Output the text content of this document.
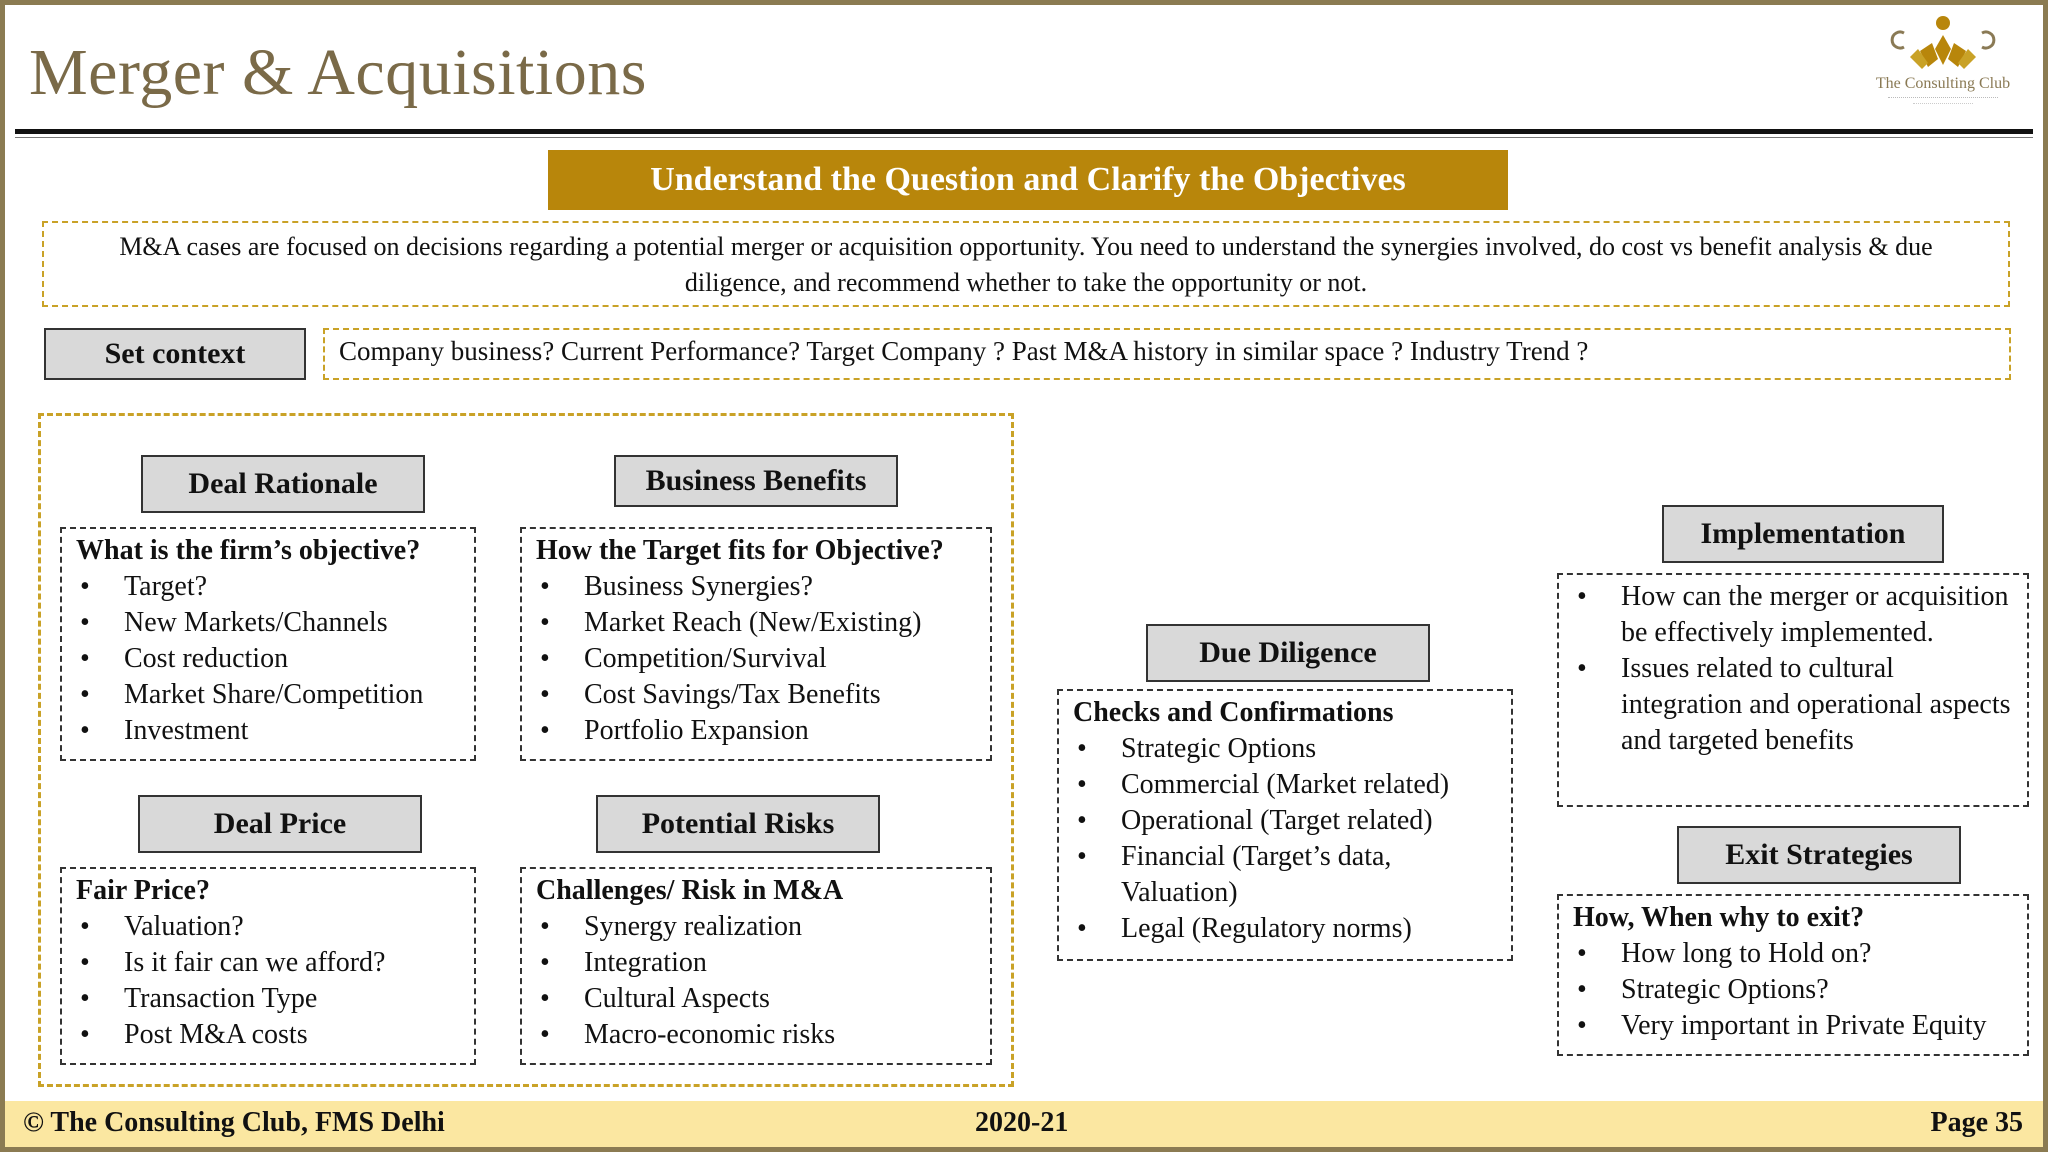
Merger & Acquisitions	The Consulting Club
Understand the Question and Clarify the Objectives
M&A cases are focused on decisions regarding a potential merger or acquisition opportunity. You need to understand the synergies involved, do cost vs benefit analysis & due diligence, and recommend whether to take the opportunity or not.
Set context	Company business? Current Performance? Target Company ? Past M&A history in similar space ? Industry Trend ?
Deal Rationale
What is the firm’s objective?
• Target?
• New Markets/Channels
• Cost reduction
• Market Share/Competition
• Investment
Business Benefits
How the Target fits for Objective?
• Business Synergies?
• Market Reach (New/Existing)
• Competition/Survival
• Cost Savings/Tax Benefits
• Portfolio Expansion
Deal Price
Fair Price?
• Valuation?
• Is it fair can we afford?
• Transaction Type
• Post M&A costs
Potential Risks
Challenges/ Risk in M&A
• Synergy realization
• Integration
• Cultural Aspects
• Macro-economic risks
Due Diligence
Checks and Confirmations
• Strategic Options
• Commercial (Market related)
• Operational (Target related)
• Financial (Target’s data, Valuation)
• Legal (Regulatory norms)
Implementation
• How can the merger or acquisition be effectively implemented.
• Issues related to cultural integration and operational aspects and targeted benefits
Exit Strategies
How, When why to exit?
• How long to Hold on?
• Strategic Options?
• Very important in Private Equity
© The Consulting Club, FMS Delhi	2020-21	Page 35
